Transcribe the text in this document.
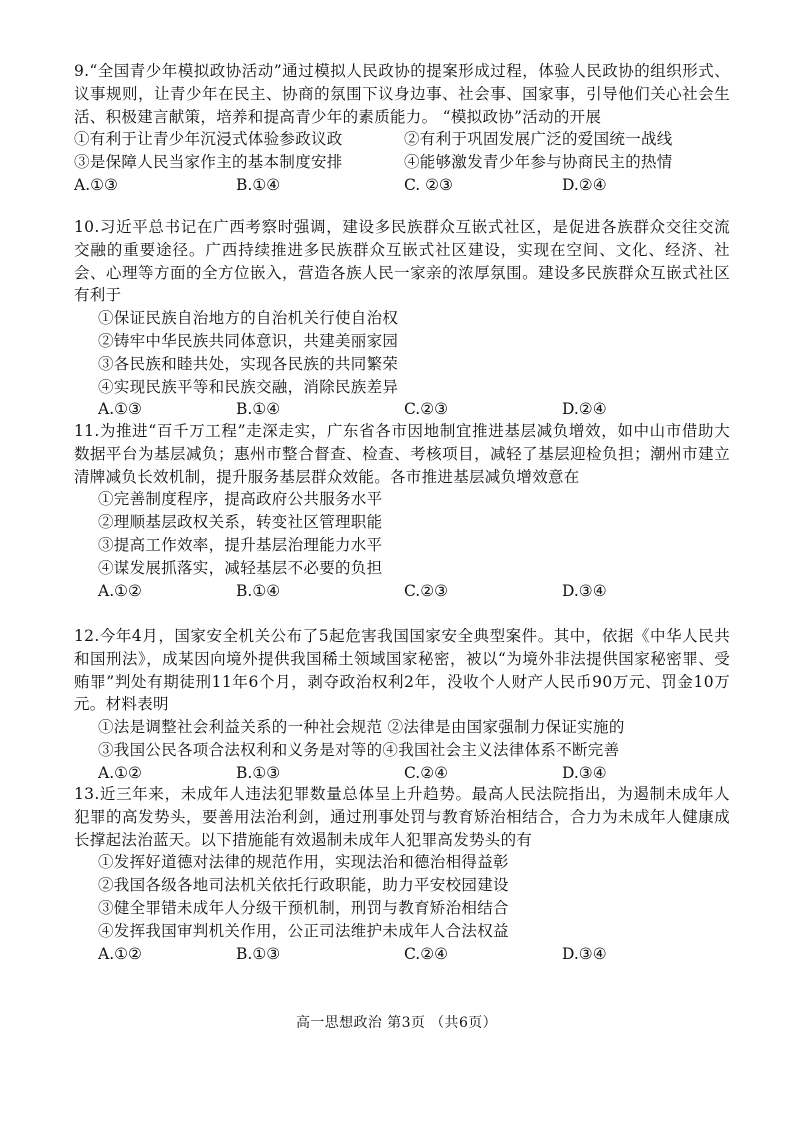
9.“全国青少年模拟政协活动”通过模拟人民政协的提案形成过程，体验人民政协的组织形式、议事规则，让青少年在民主、协商的氛围下议身边事、社会事、国家事，引导他们关心社会生活、积极建言献策，培养和提高青少年的素质能力。 “模拟政协”活动的开展
①有利于让青少年沉浸式体验参政议政	②有利于巩固发展广泛的爱国统一战线
③是保障人民当家作主的基本制度安排	④能够激发青少年参与协商民主的热情
A.①③	B.①④	C. ②③	D.②④
10.习近平总书记在广西考察时强调，建设多民族群众互嵌式社区，是促进各族群众交往交流交融的重要途径。广西持续推进多民族群众互嵌式社区建设，实现在空间、文化、经济、社会、心理等方面的全方位嵌入，营造各族人民一家亲的浓厚氛围。建设多民族群众互嵌式社区有利于
①保证民族自治地方的自治机关行使自治权
②铸牢中华民族共同体意识，共建美丽家园
③各民族和睦共处，实现各民族的共同繁荣
④实现民族平等和民族交融，消除民族差异
A.①③	B.①④	C.②③	D.②④
11.为推进“百千万工程”走深走实，广东省各市因地制宜推进基层减负增效，如中山市借助大数据平台为基层减负；惠州市整合督查、检查、考核项目，减轻了基层迎检负担；潮州市建立清牌减负长效机制，提升服务基层群众效能。各市推进基层减负增效意在
①完善制度程序，提高政府公共服务水平
②理顺基层政权关系，转变社区管理职能
③提高工作效率，提升基层治理能力水平
④谋发展抓落实，减轻基层不必要的负担
A.①②	B.①④	C.②③	D.③④
12.今年4月，国家安全机关公布了5起危害我国国家安全典型案件。其中，依据《中华人民共和国刑法》，成某因向境外提供我国稀土领域国家秘密，被以“为境外非法提供国家秘密罪、受贿罪”判处有期徒刑11年6个月，剥夺政治权利2年，没收个人财产人民币90万元、罚金10万元。材料表明
①法是调整社会利益关系的一种社会规范 ②法律是由国家强制力保证实施的
③我国公民各项合法权利和义务是对等的④我国社会主义法律体系不断完善
A.①②	B.①③	C.②④	D.③④
13.近三年来，未成年人违法犯罪数量总体呈上升趋势。最高人民法院指出，为遏制未成年人犯罪的高发势头，要善用法治利剑，通过刑事处罚与教育矫治相结合，合力为未成年人健康成长撑起法治蓝天。以下措施能有效遏制未成年人犯罪高发势头的有
①发挥好道德对法律的规范作用，实现法治和德治相得益彰
②我国各级各地司法机关依托行政职能，助力平安校园建设
③健全罪错未成年人分级干预机制，刑罚与教育矫治相结合
④发挥我国审判机关作用，公正司法维护未成年人合法权益
A.①②	B.①③	C.②④	D.③④
高一思想政治 第3页 （共6页）
